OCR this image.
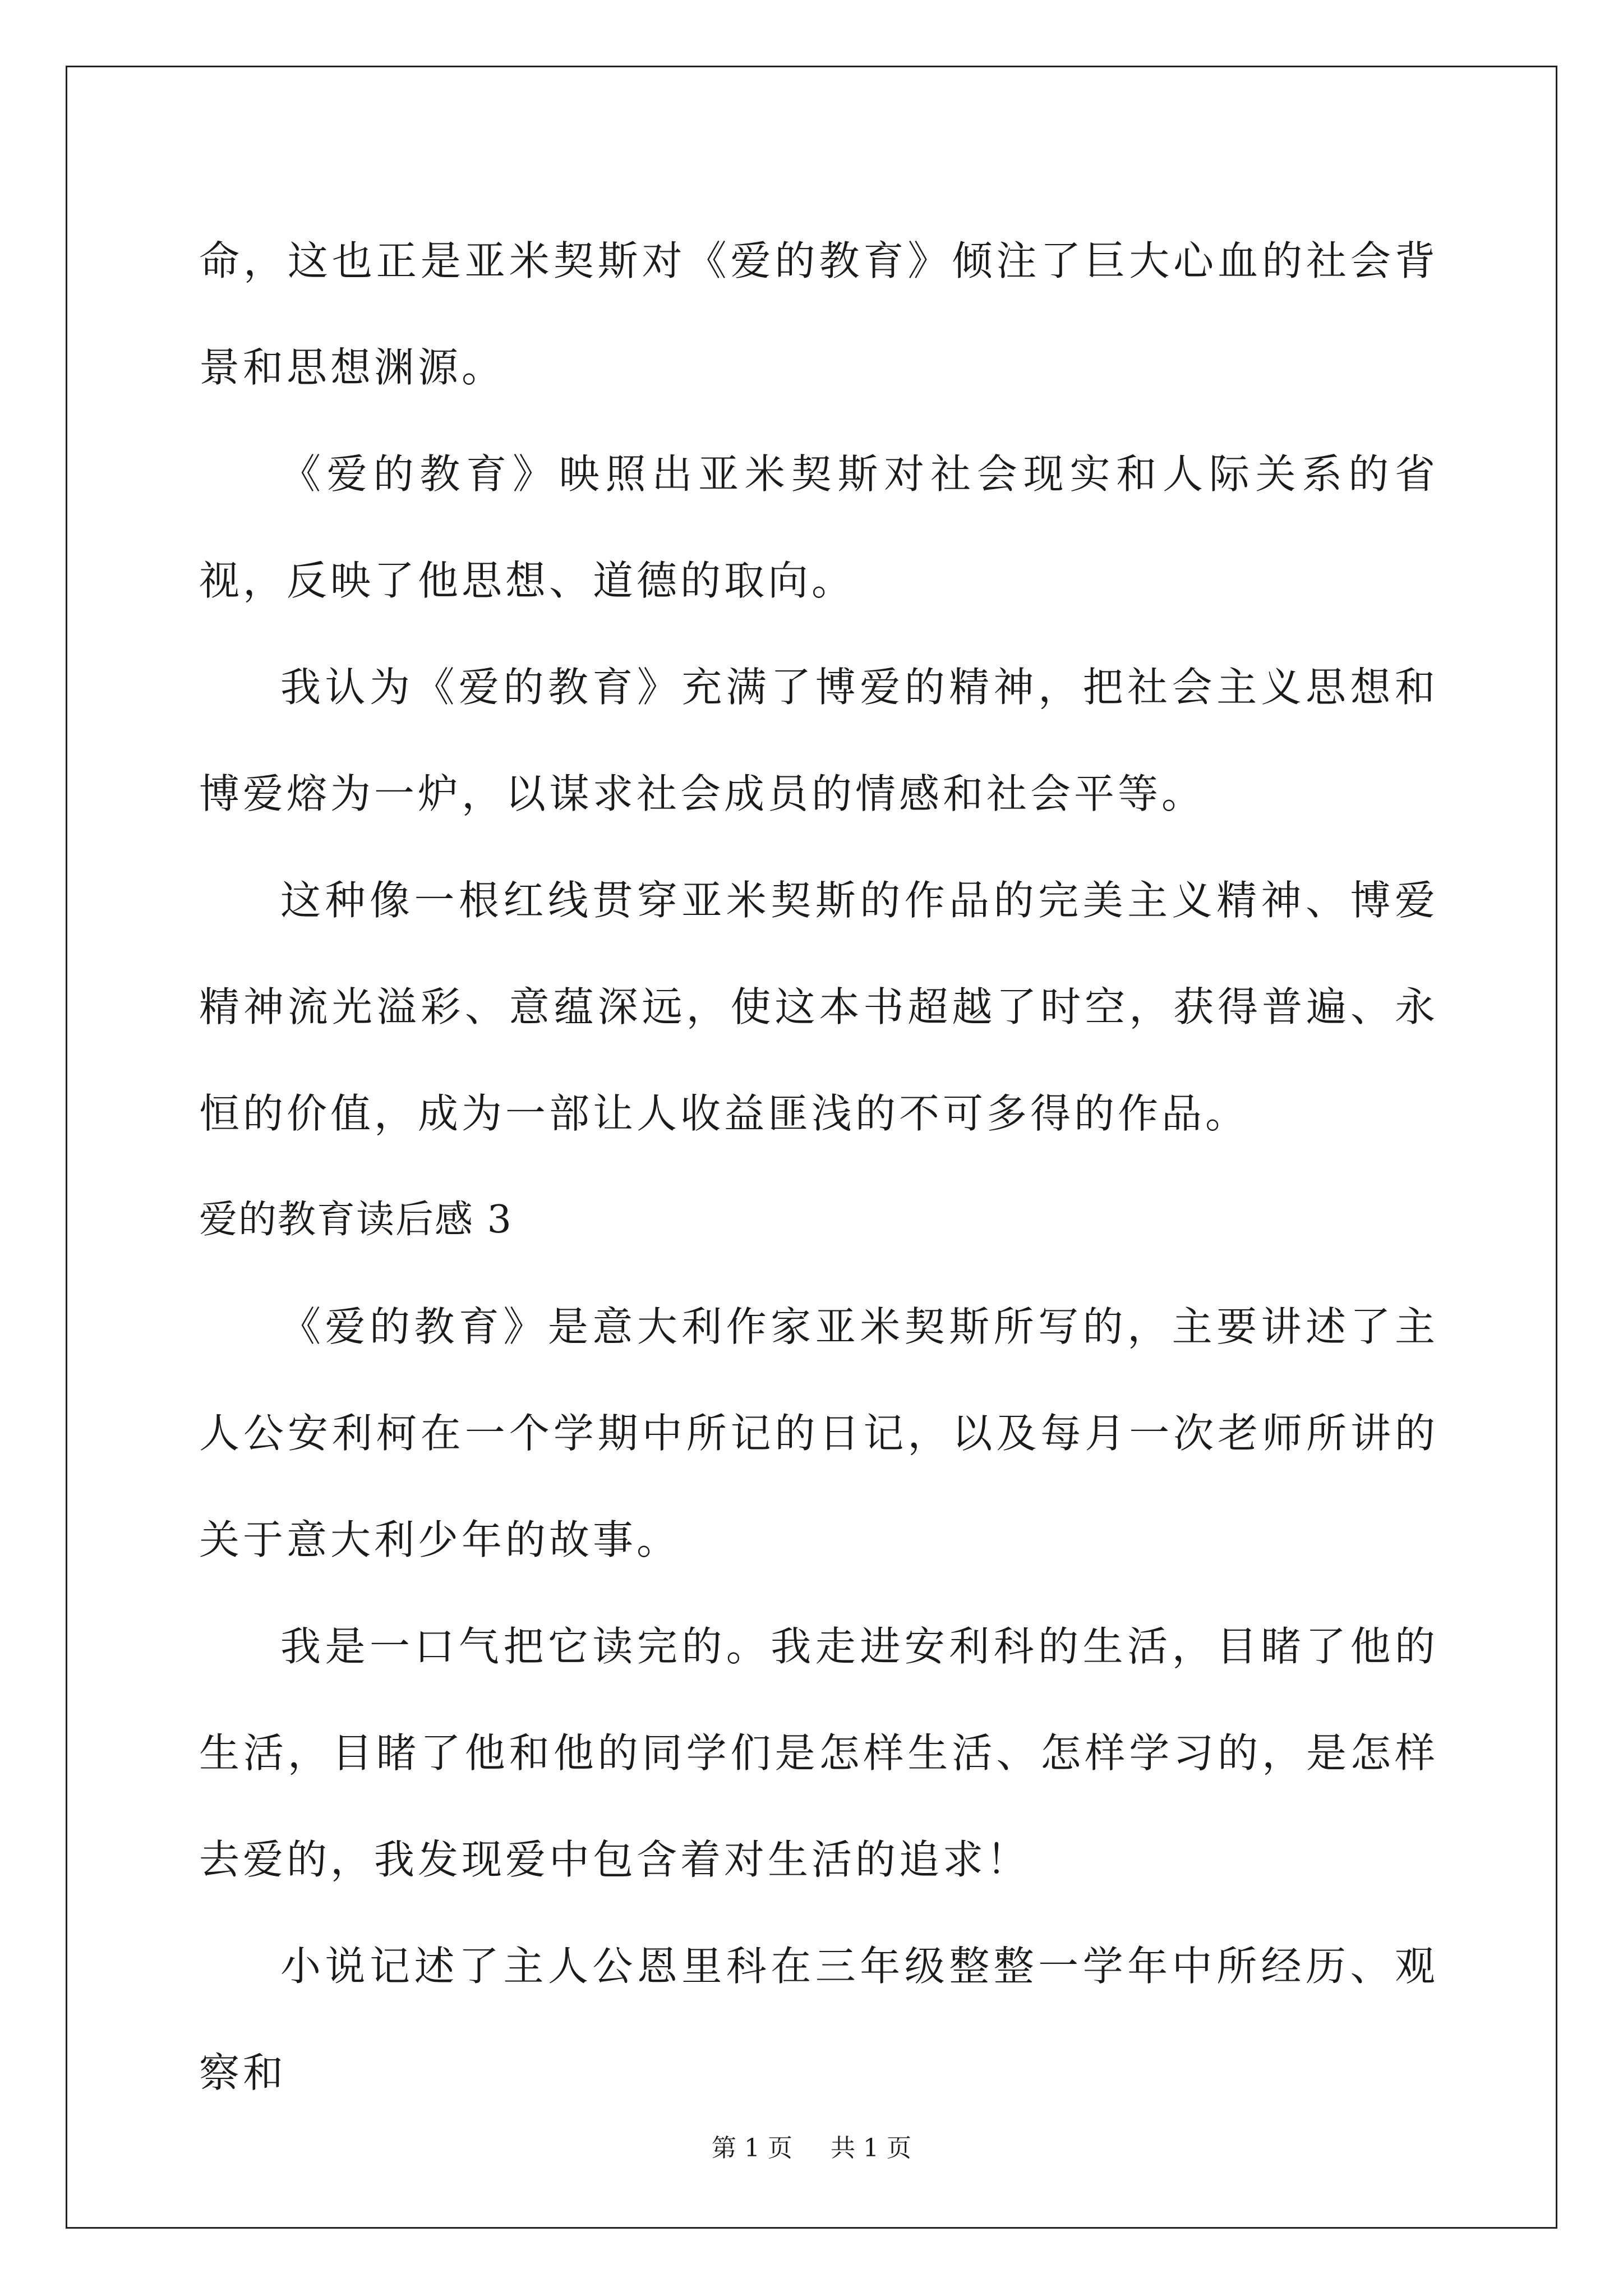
命，这也正是亚米契斯对《爱的教育》倾注了巨大心血的社会背景和思想渊源。

《爱的教育》映照出亚米契斯对社会现实和人际关系的省视，反映了他思想、道德的取向。

我认为《爱的教育》充满了博爱的精神，把社会主义思想和博爱熔为一炉，以谋求社会成员的情感和社会平等。

这种像一根红线贯穿亚米契斯的作品的完美主义精神、博爱精神流光溢彩、意蕴深远，使这本书超越了时空，获得普遍、永恒的价值，成为一部让人收益匪浅的不可多得的作品。

爱的教育读后感 3

《爱的教育》是意大利作家亚米契斯所写的，主要讲述了主人公安利柯在一个学期中所记的日记，以及每月一次老师所讲的关于意大利少年的故事。

我是一口气把它读完的。我走进安利科的生活，目睹了他的生活，目睹了他和他的同学们是怎样生活、怎样学习的，是怎样去爱的，我发现爱中包含着对生活的追求！

小说记述了主人公恩里科在三年级整整一学年中所经历、观察和

第 1 页 共 1 页
